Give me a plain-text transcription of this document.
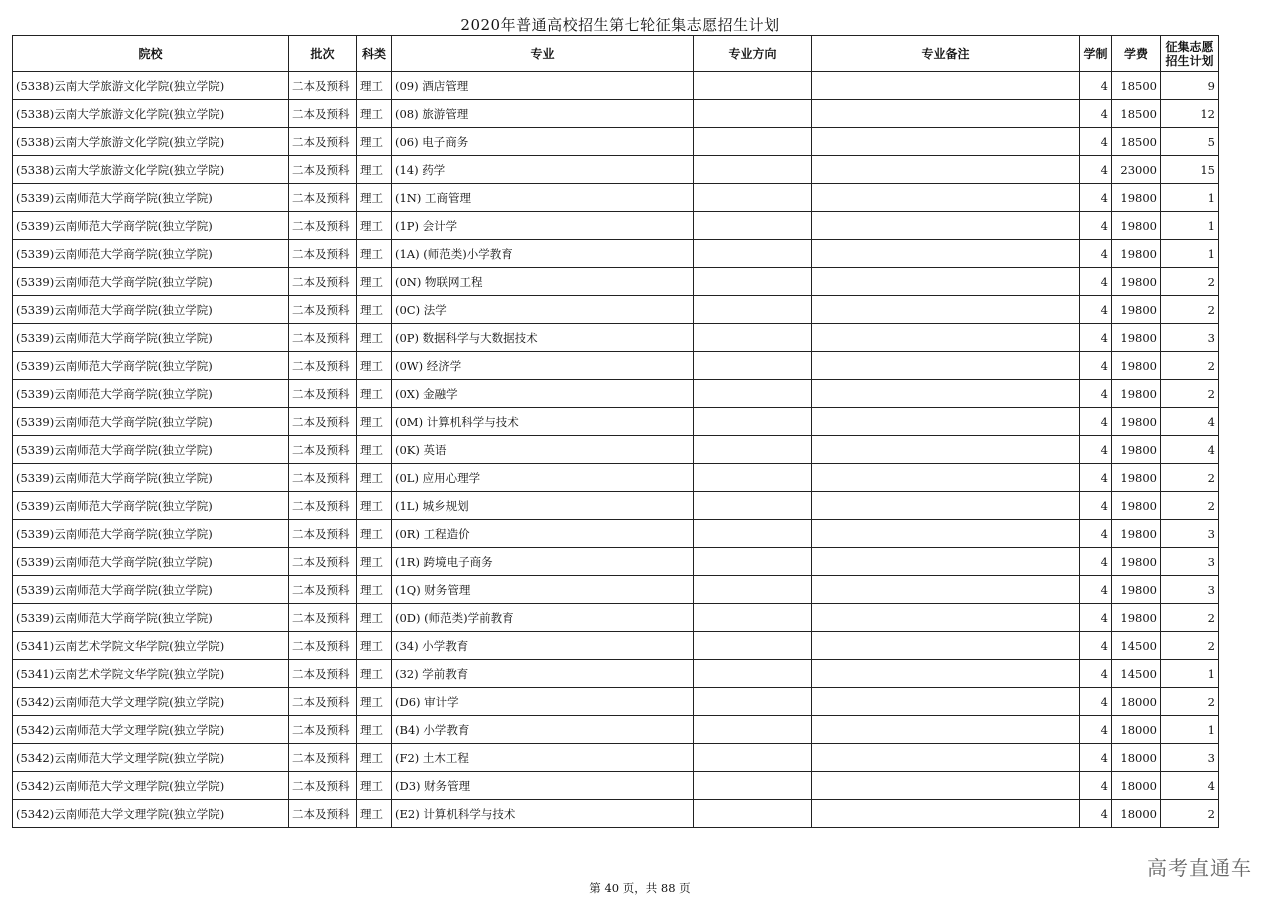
2020年普通高校招生第七轮征集志愿招生计划
院校	批次	科类	专业	专业方向	专业备注	学制	学费	征集志愿
招生计划
(5338)云南大学旅游文化学院(独立学院)	二本及预科	理工	(09) 酒店管理			4	18500	9
(5338)云南大学旅游文化学院(独立学院)	二本及预科	理工	(08) 旅游管理			4	18500	12
(5338)云南大学旅游文化学院(独立学院)	二本及预科	理工	(06) 电子商务			4	18500	5
(5338)云南大学旅游文化学院(独立学院)	二本及预科	理工	(14) 药学			4	23000	15
(5339)云南师范大学商学院(独立学院)	二本及预科	理工	(1N) 工商管理			4	19800	1
(5339)云南师范大学商学院(独立学院)	二本及预科	理工	(1P) 会计学			4	19800	1
(5339)云南师范大学商学院(独立学院)	二本及预科	理工	(1A) (师范类)小学教育			4	19800	1
(5339)云南师范大学商学院(独立学院)	二本及预科	理工	(0N) 物联网工程			4	19800	2
(5339)云南师范大学商学院(独立学院)	二本及预科	理工	(0C) 法学			4	19800	2
(5339)云南师范大学商学院(独立学院)	二本及预科	理工	(0P) 数据科学与大数据技术			4	19800	3
(5339)云南师范大学商学院(独立学院)	二本及预科	理工	(0W) 经济学			4	19800	2
(5339)云南师范大学商学院(独立学院)	二本及预科	理工	(0X) 金融学			4	19800	2
(5339)云南师范大学商学院(独立学院)	二本及预科	理工	(0M) 计算机科学与技术			4	19800	4
(5339)云南师范大学商学院(独立学院)	二本及预科	理工	(0K) 英语			4	19800	4
(5339)云南师范大学商学院(独立学院)	二本及预科	理工	(0L) 应用心理学			4	19800	2
(5339)云南师范大学商学院(独立学院)	二本及预科	理工	(1L) 城乡规划			4	19800	2
(5339)云南师范大学商学院(独立学院)	二本及预科	理工	(0R) 工程造价			4	19800	3
(5339)云南师范大学商学院(独立学院)	二本及预科	理工	(1R) 跨境电子商务			4	19800	3
(5339)云南师范大学商学院(独立学院)	二本及预科	理工	(1Q) 财务管理			4	19800	3
(5339)云南师范大学商学院(独立学院)	二本及预科	理工	(0D) (师范类)学前教育			4	19800	2
(5341)云南艺术学院文华学院(独立学院)	二本及预科	理工	(34) 小学教育			4	14500	2
(5341)云南艺术学院文华学院(独立学院)	二本及预科	理工	(32) 学前教育			4	14500	1
(5342)云南师范大学文理学院(独立学院)	二本及预科	理工	(D6) 审计学			4	18000	2
(5342)云南师范大学文理学院(独立学院)	二本及预科	理工	(B4) 小学教育			4	18000	1
(5342)云南师范大学文理学院(独立学院)	二本及预科	理工	(F2) 土木工程			4	18000	3
(5342)云南师范大学文理学院(独立学院)	二本及预科	理工	(D3) 财务管理			4	18000	4
(5342)云南师范大学文理学院(独立学院)	二本及预科	理工	(E2) 计算机科学与技术			4	18000	2
第 40 页，共 88 页
高考直通车
